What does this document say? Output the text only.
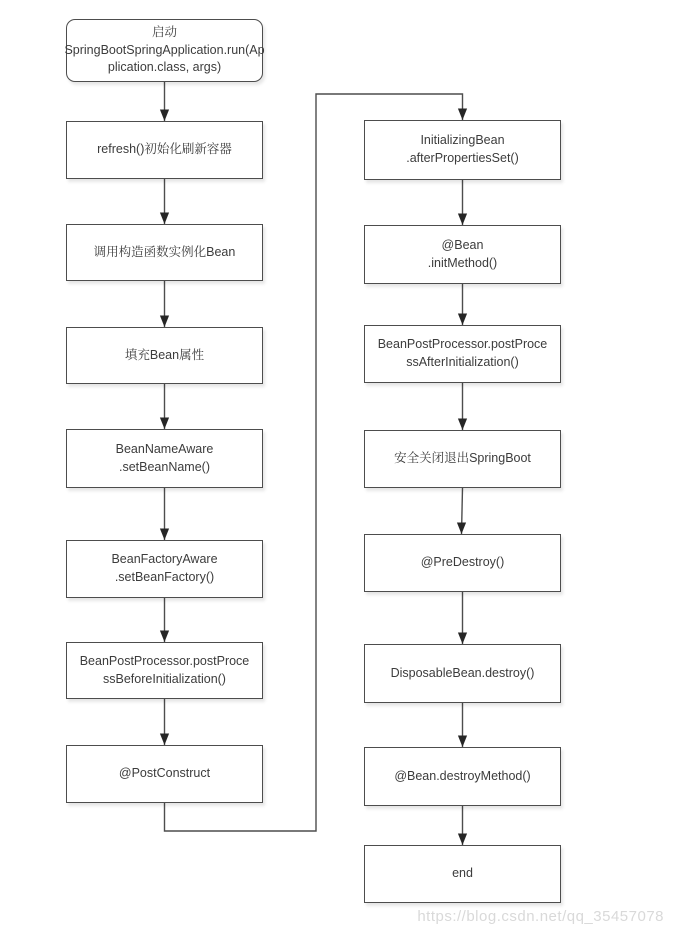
https://blog.csdn.net/qq_35457078
启动
SpringBootSpringApplication.run(Ap
plication.class, args)
refresh()初始化刷新容器
调用构造函数实例化Bean
填充Bean属性
BeanNameAware
.setBeanName()
BeanFactoryAware
.setBeanFactory()
BeanPostProcessor.postProce
ssBeforeInitialization()
@PostConstruct
InitializingBean
.afterPropertiesSet()
@Bean
.initMethod()
BeanPostProcessor.postProce
ssAfterInitialization()
安全关闭退出SpringBoot
@PreDestroy()
DisposableBean.destroy()
@Bean.destroyMethod()
end
